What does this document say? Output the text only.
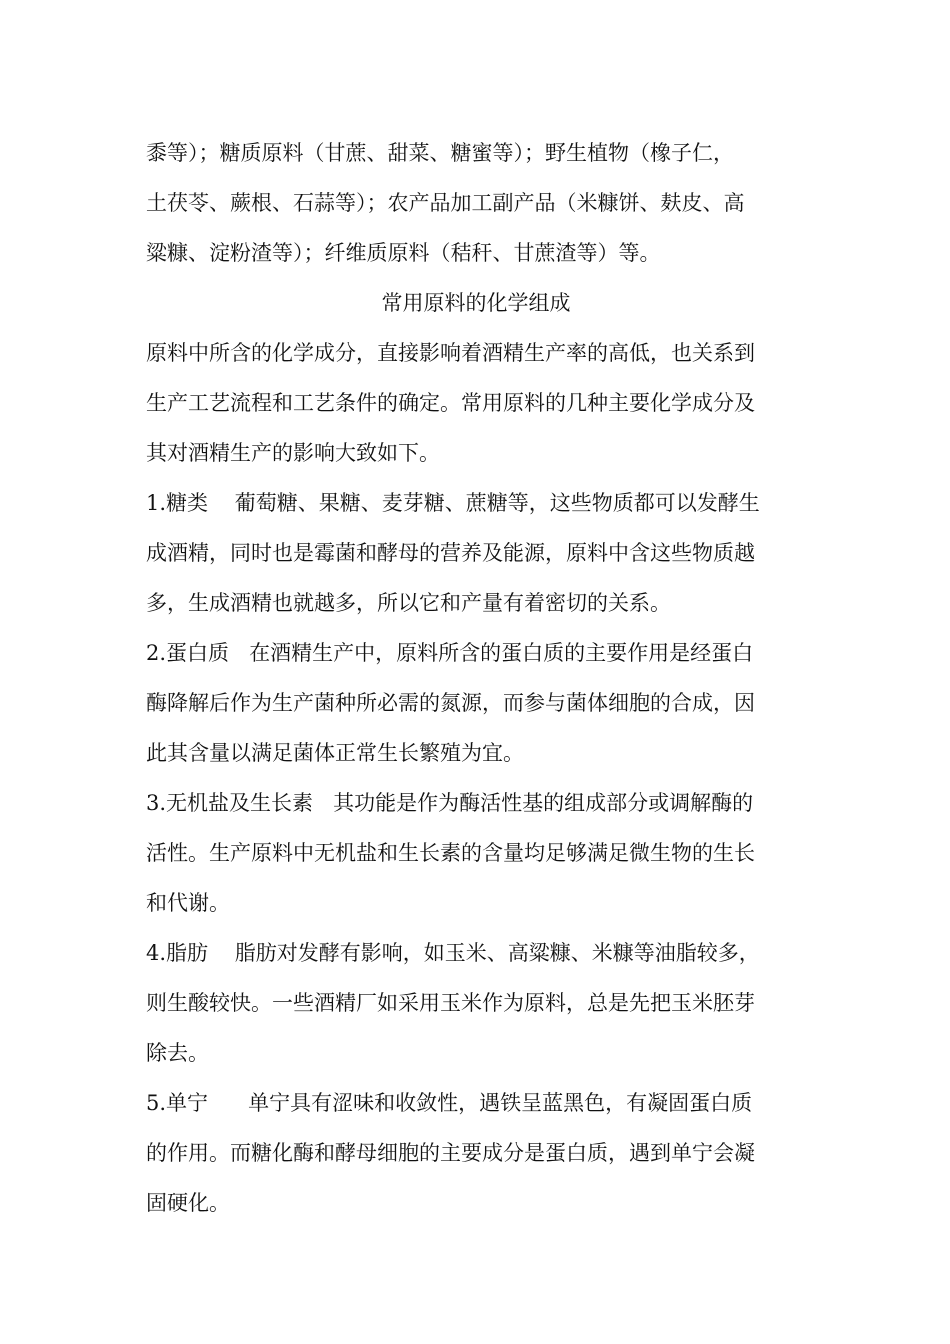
黍等）；糖质原料（甘蔗、甜菜、糖蜜等）；野生植物（橡子仁，
土茯苓、蕨根、石蒜等）；农产品加工副产品（米糠饼、麸皮、高
粱糠、淀粉渣等）；纤维质原料（秸秆、甘蔗渣等）等。

常用原料的化学组成

原料中所含的化学成分，直接影响着酒精生产率的高低，也关系到
生产工艺流程和工艺条件的确定。常用原料的几种主要化学成分及
其对酒精生产的影响大致如下。

1.糖类 葡萄糖、果糖、麦芽糖、蔗糖等，这些物质都可以发酵生
成酒精，同时也是霉菌和酵母的营养及能源，原料中含这些物质越
多，生成酒精也就越多，所以它和产量有着密切的关系。

2.蛋白质 在酒精生产中，原料所含的蛋白质的主要作用是经蛋白
酶降解后作为生产菌种所必需的氮源，而参与菌体细胞的合成，因
此其含量以满足菌体正常生长繁殖为宜。

3.无机盐及生长素 其功能是作为酶活性基的组成部分或调解酶的
活性。生产原料中无机盐和生长素的含量均足够满足微生物的生长
和代谢。

4.脂肪 脂肪对发酵有影响，如玉米、高粱糠、米糠等油脂较多，
则生酸较快。一些酒精厂如采用玉米作为原料，总是先把玉米胚芽
除去。

5.单宁 单宁具有涩味和收敛性，遇铁呈蓝黑色，有凝固蛋白质
的作用。而糖化酶和酵母细胞的主要成分是蛋白质，遇到单宁会凝
固硬化。
